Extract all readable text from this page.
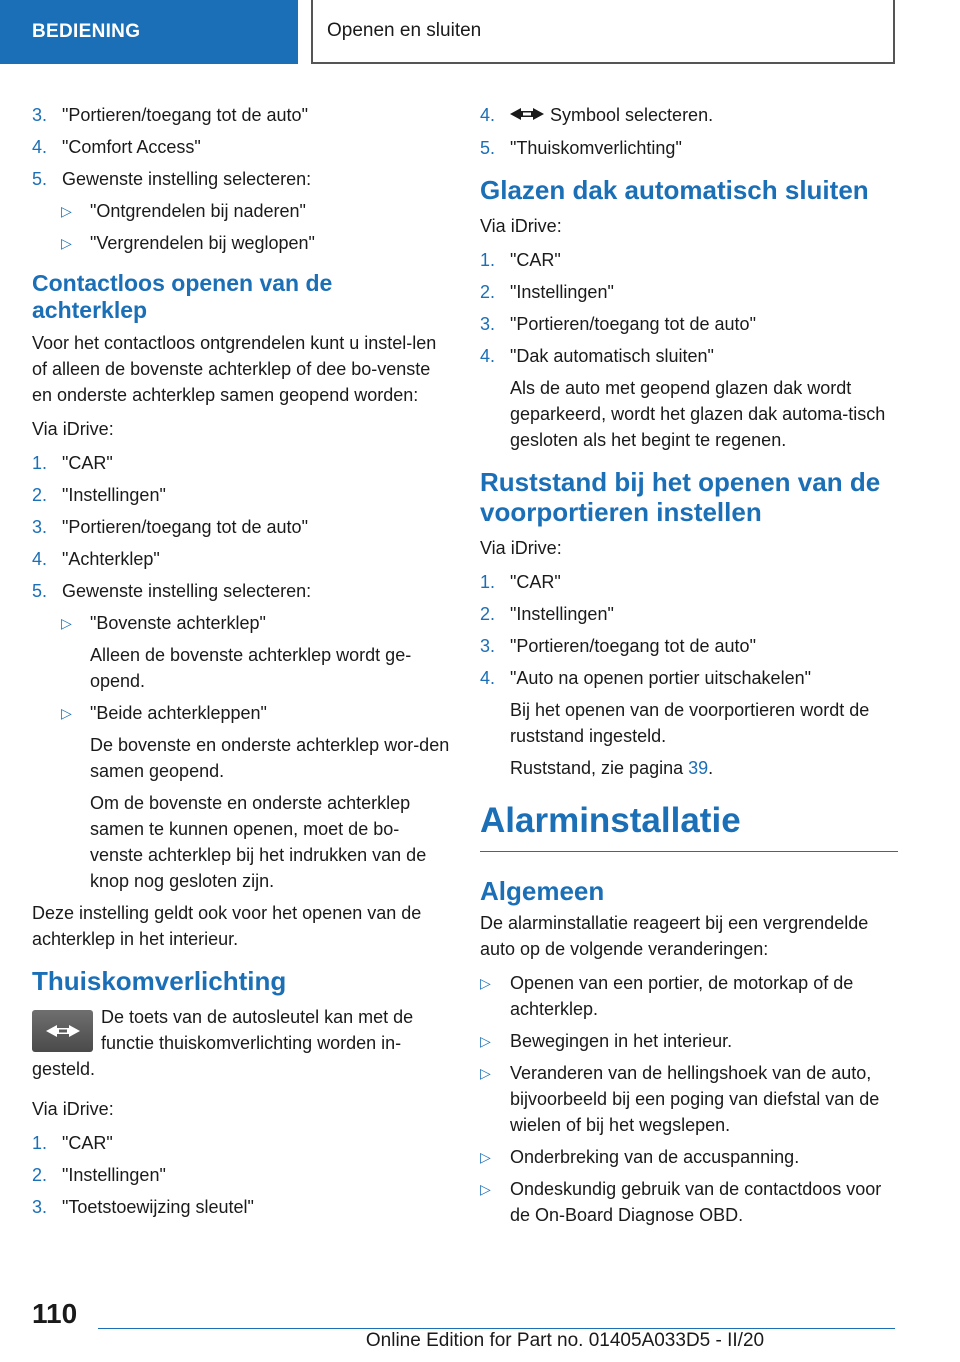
BEDIENING	Openen en sluiten
3. "Portieren/toegang tot de auto"
4. "Comfort Access"
5. Gewenste instelling selecteren:
▷ "Ontgrendelen bij naderen"
▷ "Vergrendelen bij weglopen"
Contactloos openen van de achterklep
Voor het contactloos ontgrendelen kunt u instel-len of alleen de bovenste achterklep of dee bo-venste en onderste achterklep samen geopend worden:
Via iDrive:
1. "CAR"
2. "Instellingen"
3. "Portieren/toegang tot de auto"
4. "Achterklep"
5. Gewenste instelling selecteren:
▷ "Bovenste achterklep"
Alleen de bovenste achterklep wordt ge-opend.
▷ "Beide achterkleppen"
De bovenste en onderste achterklep wor-den samen geopend.
Om de bovenste en onderste achterklep samen te kunnen openen, moet de bo-venste achterklep bij het indrukken van de knop nog gesloten zijn.
Deze instelling geldt ook voor het openen van de achterklep in het interieur.
Thuiskomverlichting
De toets van de autosleutel kan met de functie thuiskomverlichting worden in-gesteld.
Via iDrive:
1. "CAR"
2. "Instellingen"
3. "Toetstoewijzing sleutel"
4.	Symbool selecteren.
5. "Thuiskomverlichting"
Glazen dak automatisch sluiten
Via iDrive:
1. "CAR"
2. "Instellingen"
3. "Portieren/toegang tot de auto"
4. "Dak automatisch sluiten"
Als de auto met geopend glazen dak wordt geparkeerd, wordt het glazen dak automa-tisch gesloten als het begint te regenen.
Ruststand bij het openen van de voorportieren instellen
Via iDrive:
1. "CAR"
2. "Instellingen"
3. "Portieren/toegang tot de auto"
4. "Auto na openen portier uitschakelen"
Bij het openen van de voorportieren wordt de ruststand ingesteld.
Ruststand, zie pagina 39.
Alarminstallatie
Algemeen
De alarminstallatie reageert bij een vergrendelde auto op de volgende veranderingen:
▷ Openen van een portier, de motorkap of de achterklep.
▷ Bewegingen in het interieur.
▷ Veranderen van de hellingshoek van de auto, bijvoorbeeld bij een poging van diefstal van de wielen of bij het wegslepen.
▷ Onderbreking van de accuspanning.
▷ Ondeskundig gebruik van de contactdoos voor de On-Board Diagnose OBD.
110
Online Edition for Part no. 01405A033D5 - II/20
